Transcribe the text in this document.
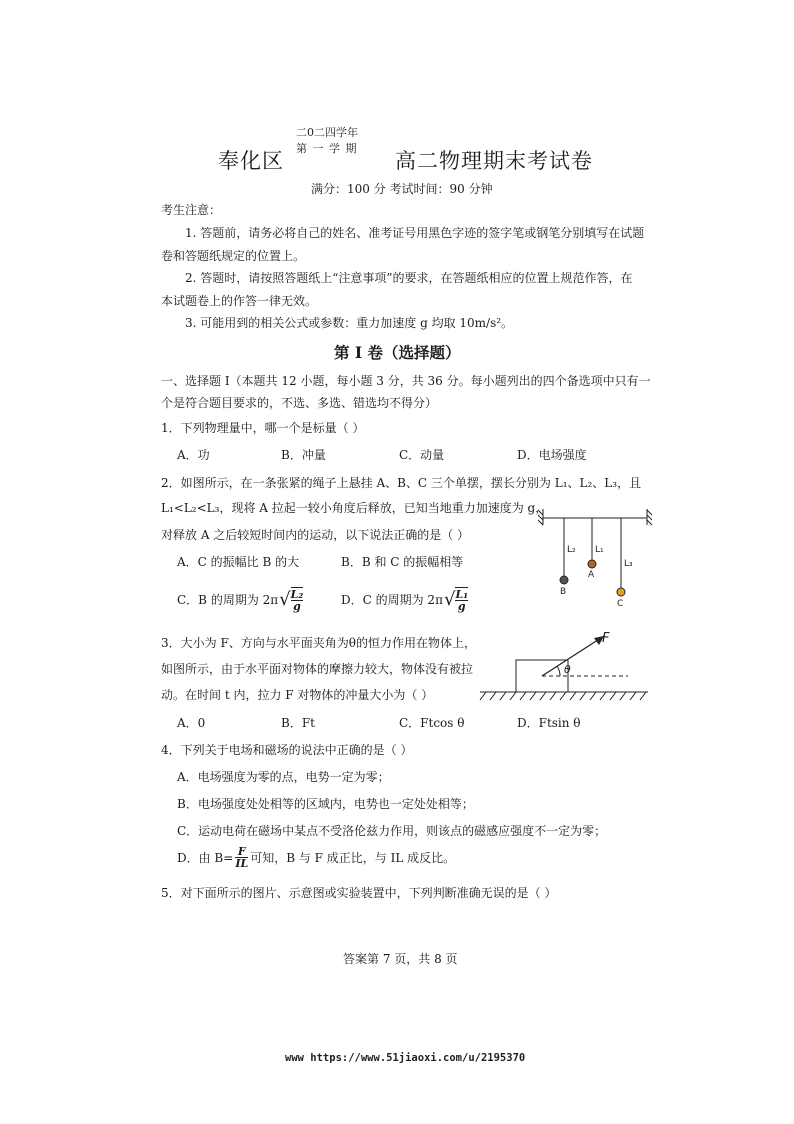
二0二四学年
第 一 学 期
奉化区	高二物理期末考试卷
满分：100 分 考试时间：90 分钟
考生注意：
1. 答题前，请务必将自己的姓名、准考证号用黑色字迹的签字笔或钢笔分别填写在试题
卷和答题纸规定的位置上。
2. 答题时，请按照答题纸上“注意事项”的要求，在答题纸相应的位置上规范作答，在
本试题卷上的作答一律无效。
3. 可能用到的相关公式或参数：重力加速度 g 均取 10m/s²。
第 I 卷（选择题）
一、选择题 I（本题共 12 小题，每小题 3 分，共 36 分。每小题列出的四个备选项中只有一
个是符合题目要求的，不选、多选、错选均不得分）
1．下列物理量中，哪一个是标量（ ）
A．功	B．冲量	C．动量	D．电场强度
2．如图所示，在一条张紧的绳子上悬挂 A、B、C 三个单摆，摆长分别为 L₁、L₂、L₃，且
L₁<L₂<L₃，现将 A 拉起一较小角度后释放，已知当地重力加速度为 g，
对释放 A 之后较短时间内的运动，以下说法正确的是（ ）
A．C 的振幅比 B 的大	B．B 和 C 的振幅相等
C．B 的周期为 2π √ $\frac{\text{L₂}}{g}$	D．C 的周期为 2π √ $\frac{\text{L₁}}{g}$
L₂ L₁
L₃
A
B
C
3．大小为 F、方向与水平面夹角为θ的恒力作用在物体上，
如图所示，由于水平面对物体的摩擦力较大，物体没有被拉
动。在时间 t 内，拉力 F 对物体的冲量大小为（ ）
A．0	B．Ft	C．Ftcos θ	D．Ftsin θ
F
θ
4．下列关于电场和磁场的说法中正确的是（ ）
A．电场强度为零的点，电势一定为零；
B．电场强度处处相等的区域内，电势也一定处处相等；
C．运动电荷在磁场中某点不受洛伦兹力作用，则该点的磁感应强度不一定为零；
D．由 $B= \frac{F}{IL}$ 可知，B 与 F 成正比，与 IL 成反比。
5．对下面所示的图片、示意图或实验装置中，下列判断准确无误的是（ ）
答案第 7 页，共 8 页
www https://www.51jiaoxi.com/u/2195370
